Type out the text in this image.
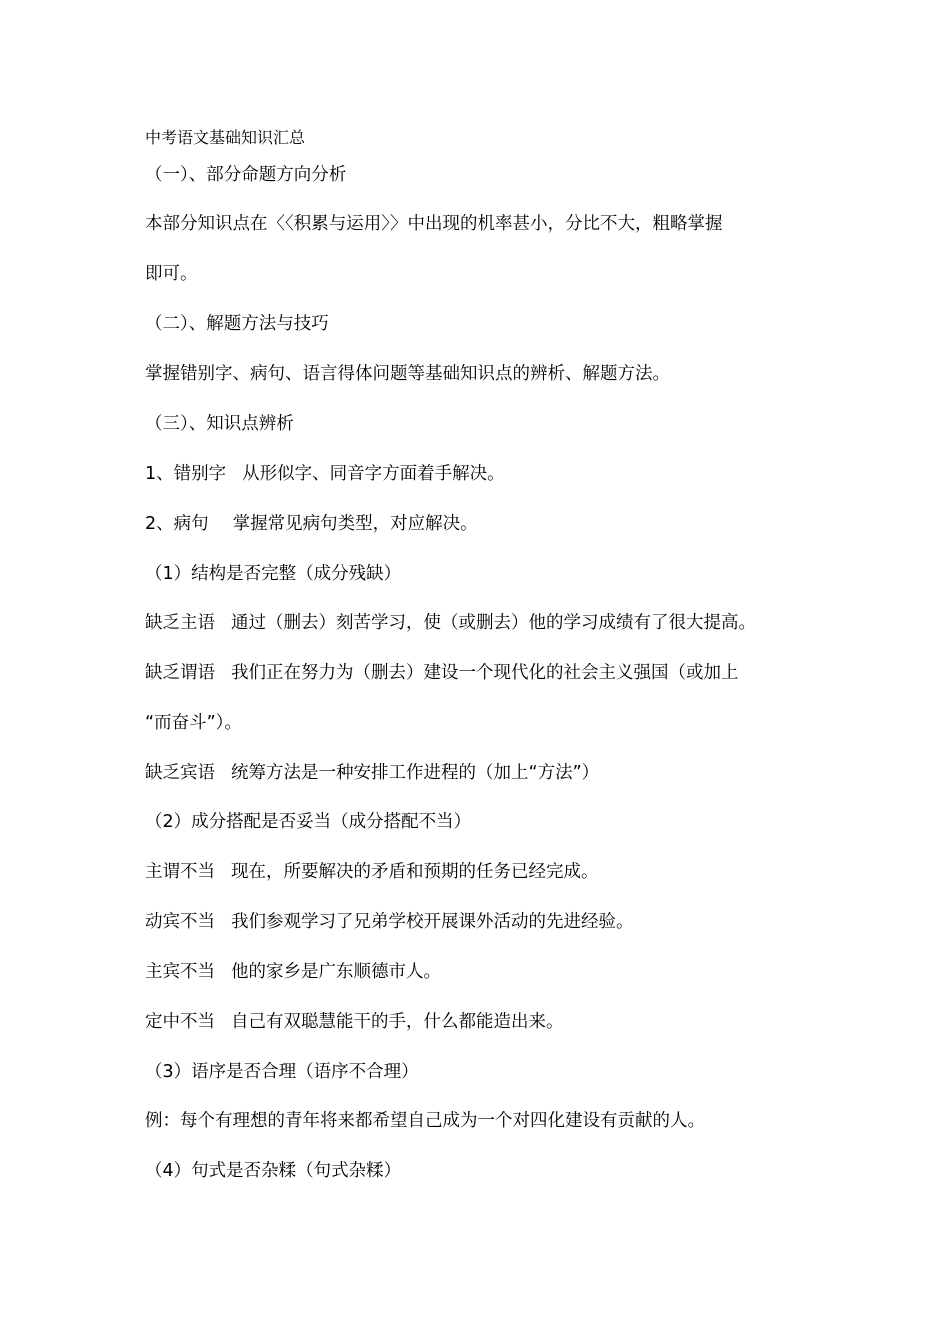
中考语文基础知识汇总
（一）、部分命题方向分析
本部分知识点在〈〈积累与运用〉〉中出现的机率甚小，分比不大，粗略掌握
即可。
（二）、解题方法与技巧
掌握错别字、病句、语言得体问题等基础知识点的辨析、解题方法。
（三）、知识点辨析
1、错别字 从形似字、同音字方面着手解决。
2、病句 掌握常见病句类型，对应解决。
（1）结构是否完整（成分残缺）
缺乏主语 通过（删去）刻苦学习，使（或删去）他的学习成绩有了很大提高。
缺乏谓语 我们正在努力为（删去）建设一个现代化的社会主义强国（或加上
“而奋斗”）。
缺乏宾语 统筹方法是一种安排工作进程的（加上“方法”）
（2）成分搭配是否妥当（成分搭配不当）
主谓不当 现在，所要解决的矛盾和预期的任务已经完成。
动宾不当 我们参观学习了兄弟学校开展课外活动的先进经验。
主宾不当 他的家乡是广东顺德市人。
定中不当 自己有双聪慧能干的手，什么都能造出来。
（3）语序是否合理（语序不合理）
例：每个有理想的青年将来都希望自己成为一个对四化建设有贡献的人。
（4）句式是否杂糅（句式杂糅）
